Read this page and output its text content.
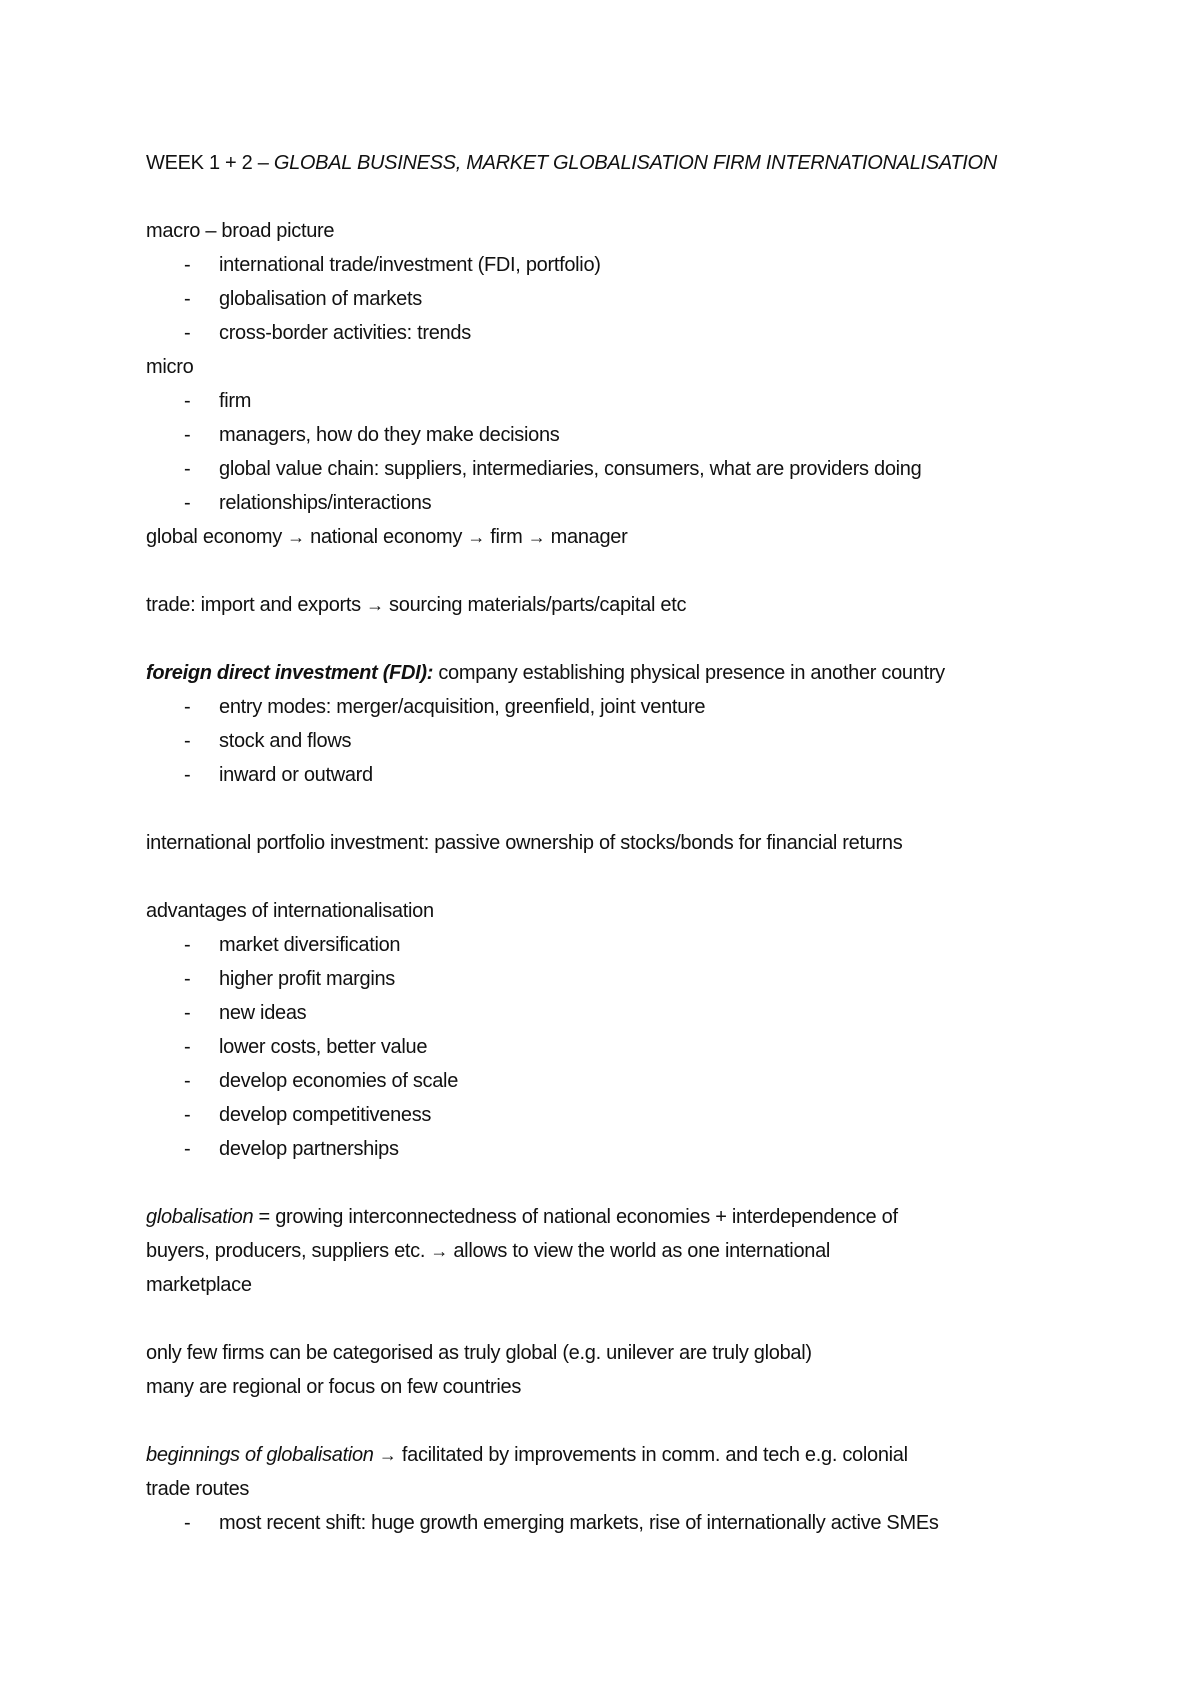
WEEK 1 + 2 – GLOBAL BUSINESS, MARKET GLOBALISATION FIRM INTERNATIONALISATION
macro – broad picture
- international trade/investment (FDI, portfolio)
- globalisation of markets
- cross-border activities: trends
micro
- firm
- managers, how do they make decisions
- global value chain: suppliers, intermediaries, consumers, what are providers doing
- relationships/interactions
global economy → national economy → firm → manager
trade: import and exports → sourcing materials/parts/capital etc
foreign direct investment (FDI): company establishing physical presence in another country
- entry modes: merger/acquisition, greenfield, joint venture
- stock and flows
- inward or outward
international portfolio investment: passive ownership of stocks/bonds for financial returns
advantages of internationalisation
- market diversification
- higher profit margins
- new ideas
- lower costs, better value
- develop economies of scale
- develop competitiveness
- develop partnerships
globalisation = growing interconnectedness of national economies + interdependence of
buyers, producers, suppliers etc. → allows to view the world as one international
marketplace
only few firms can be categorised as truly global (e.g. unilever are truly global)
many are regional or focus on few countries
beginnings of globalisation → facilitated by improvements in comm. and tech e.g. colonial
trade routes
- most recent shift: huge growth emerging markets, rise of internationally active SMEs
